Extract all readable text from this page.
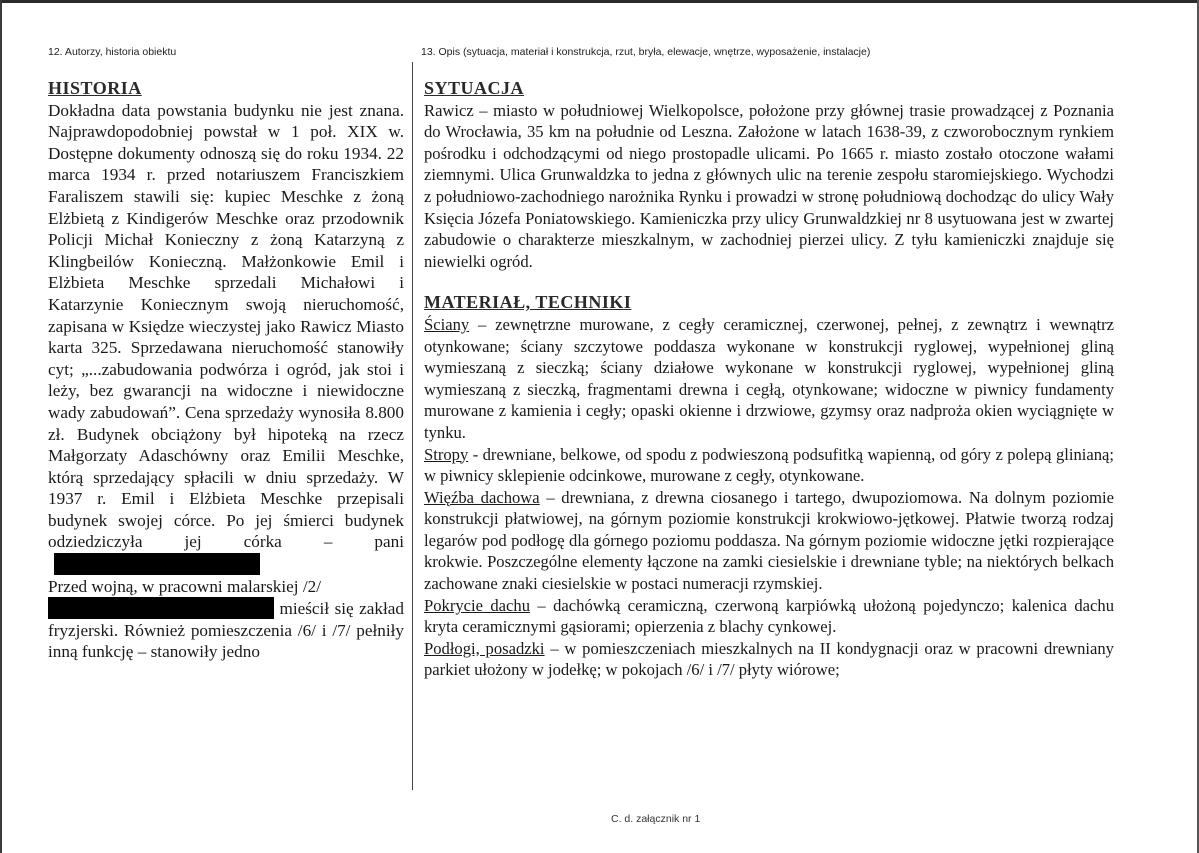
12. Autorzy, historia obiektu	13. Opis (sytuacja, materiał i konstrukcja, rzut, bryła, elewacje, wnętrze, wyposażenie, instalacje)
HISTORIA
Dokładna data powstania budynku nie jest znana. Najprawdopodobniej powstał w 1 poł. XIX w. Dostępne dokumenty odnoszą się do roku 1934. 22 marca 1934 r. przed notariuszem Franciszkiem Faraliszem stawili się: kupiec Meschke z żoną Elżbietą z Kindigerów Meschke oraz przodownik Policji Michał Konieczny z żoną Katarzyną z Klingbeilów Konieczną. Małżonkowie Emil i Elżbieta Meschke sprzedali Michałowi i Katarzynie Koniecznym swoją nieruchomość, zapisana w Księdze wieczystej jako Rawicz Miasto karta 325. Sprzedawana nieruchomość stanowiły cyt; „...zabudowania podwórza i ogród, jak stoi i leży, bez gwarancji na widoczne i niewidoczne wady zabudowań”. Cena sprzedaży wynosiła 8.800 zł. Budynek obciążony był hipoteką na rzecz Małgorzaty Adaschówny oraz Emilii Meschke, którą sprzedający spłacili w dniu sprzedaży. W 1937 r. Emil i Elżbieta Meschke przepisali budynek swojej córce. Po jej śmierci budynek odziedziczyła jej córka – pani
Przed wojną, w pracowni malarskiej /2/
mieścił się zakład fryzjerski. Również pomieszczenia /6/ i /7/ pełniły inną funkcję – stanowiły jedno
SYTUACJA
Rawicz – miasto w południowej Wielkopolsce, położone przy głównej trasie prowadzącej z Poznania do Wrocławia, 35 km na południe od Leszna. Założone w latach 1638-39, z czworobocznym rynkiem pośrodku i odchodzącymi od niego prostopadle ulicami. Po 1665 r. miasto zostało otoczone wałami ziemnymi. Ulica Grunwaldzka to jedna z głównych ulic na terenie zespołu staromiejskiego. Wychodzi z południowo-zachodniego narożnika Rynku i prowadzi w stronę południową dochodząc do ulicy Wały Księcia Józefa Poniatowskiego. Kamieniczka przy ulicy Grunwaldzkiej nr 8 usytuowana jest w zwartej zabudowie o charakterze mieszkalnym, w zachodniej pierzei ulicy. Z tyłu kamieniczki znajduje się niewielki ogród.
MATERIAŁ, TECHNIKI
Ściany – zewnętrzne murowane, z cegły ceramicznej, czerwonej, pełnej, z zewnątrz i wewnątrz otynkowane; ściany szczytowe poddasza wykonane w konstrukcji ryglowej, wypełnionej gliną wymieszaną z sieczką; ściany działowe wykonane w konstrukcji ryglowej, wypełnionej gliną wymieszaną z sieczką, fragmentami drewna i cegłą, otynkowane; widoczne w piwnicy fundamenty murowane z kamienia i cegły; opaski okienne i drzwiowe, gzymsy oraz nadproża okien wyciągnięte w tynku.
Stropy - drewniane, belkowe, od spodu z podwieszoną podsufitką wapienną, od góry z polepą glinianą; w piwnicy sklepienie odcinkowe, murowane z cegły, otynkowane.
Więźba dachowa – drewniana, z drewna ciosanego i tartego, dwupoziomowa. Na dolnym poziomie konstrukcji płatwiowej, na górnym poziomie konstrukcji krokwiowo-jętkowej. Płatwie tworzą rodzaj legarów pod podłogę dla górnego poziomu poddasza. Na górnym poziomie widoczne jętki rozpierające krokwie. Poszczególne elementy łączone na zamki ciesielskie i drewniane tyble; na niektórych belkach zachowane znaki ciesielskie w postaci numeracji rzymskiej.
Pokrycie dachu – dachówką ceramiczną, czerwoną karpiówką ułożoną pojedynczo; kalenica dachu kryta ceramicznymi gąsiorami; opierzenia z blachy cynkowej.
Podłogi, posadzki – w pomieszczeniach mieszkalnych na II kondygnacji oraz w pracowni drewniany parkiet ułożony w jodełkę; w pokojach /6/ i /7/ płyty wiórowe;
C. d. załącznik nr 1
